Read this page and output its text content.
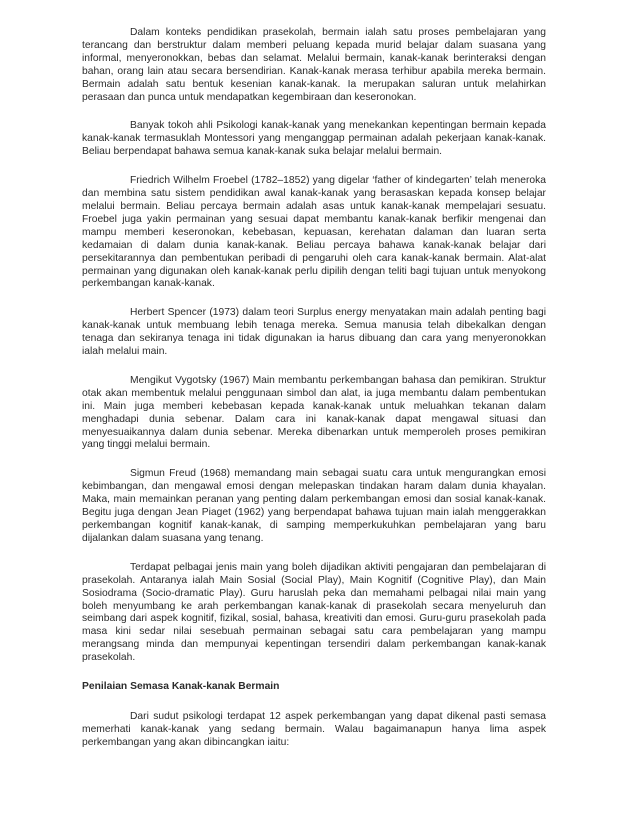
Dalam konteks pendidikan prasekolah, bermain ialah satu proses pembelajaran yang terancang dan berstruktur dalam memberi peluang kepada murid belajar dalam suasana yang informal, menyeronokkan, bebas dan selamat. Melalui bermain, kanak-kanak berinteraksi dengan bahan, orang lain atau secara bersendirian. Kanak-kanak merasa terhibur apabila mereka bermain. Bermain adalah satu bentuk kesenian kanak-kanak. Ia merupakan saluran untuk melahirkan perasaan dan punca untuk mendapatkan kegembiraan dan keseronokan.

Banyak tokoh ahli Psikologi kanak-kanak yang menekankan kepentingan bermain kepada kanak-kanak termasuklah Montessori yang menganggap permainan adalah pekerjaan kanak-kanak. Beliau berpendapat bahawa semua kanak-kanak suka belajar melalui bermain.

Friedrich Wilhelm Froebel (1782–1852) yang digelar ‘father of kindegarten’ telah meneroka dan membina satu sistem pendidikan awal kanak-kanak yang berasaskan kepada konsep belajar melalui bermain. Beliau percaya bermain adalah asas untuk kanak-kanak mempelajari sesuatu. Froebel juga yakin permainan yang sesuai dapat membantu kanak-kanak berfikir mengenai dan mampu memberi keseronokan, kebebasan, kepuasan, kerehatan dalaman dan luaran serta kedamaian di dalam dunia kanak-kanak. Beliau percaya bahawa kanak-kanak belajar dari persekitarannya dan pembentukan peribadi di pengaruhi oleh cara kanak-kanak bermain. Alat-alat permainan yang digunakan oleh kanak-kanak perlu dipilih dengan teliti bagi tujuan untuk menyokong perkembangan kanak-kanak.

Herbert Spencer (1973) dalam teori Surplus energy menyatakan main adalah penting bagi kanak-kanak untuk membuang lebih tenaga mereka. Semua manusia telah dibekalkan dengan tenaga dan sekiranya tenaga ini tidak digunakan ia harus dibuang dan cara yang menyeronokkan ialah melalui main.

Mengikut Vygotsky (1967) Main membantu perkembangan bahasa dan pemikiran. Struktur otak akan membentuk melalui penggunaan simbol dan alat, ia juga membantu dalam pembentukan ini. Main juga memberi kebebasan kepada kanak-kanak untuk meluahkan tekanan dalam menghadapi dunia sebenar. Dalam cara ini kanak-kanak dapat mengawal situasi dan menyesuaikannya dalam dunia sebenar. Mereka dibenarkan untuk memperoleh proses pemikiran yang tinggi melalui bermain.

Sigmun Freud (1968) memandang main sebagai suatu cara untuk mengurangkan emosi kebimbangan, dan mengawal emosi dengan melepaskan tindakan haram dalam dunia khayalan. Maka, main memainkan peranan yang penting dalam perkembangan emosi dan sosial kanak-kanak. Begitu juga dengan Jean Piaget (1962) yang berpendapat bahawa tujuan main ialah menggerakkan perkembangan kognitif kanak-kanak, di samping memperkukuhkan pembelajaran yang baru dijalankan dalam suasana yang tenang.

Terdapat pelbagai jenis main yang boleh dijadikan aktiviti pengajaran dan pembelajaran di prasekolah. Antaranya ialah Main Sosial (Social Play), Main Kognitif (Cognitive Play), dan Main Sosiodrama (Socio-dramatic Play). Guru haruslah peka dan memahami pelbagai nilai main yang boleh menyumbang ke arah perkembangan kanak-kanak di prasekolah secara menyeluruh dan seimbang dari aspek kognitif, fizikal, sosial, bahasa, kreativiti dan emosi. Guru-guru prasekolah pada masa kini sedar nilai sesebuah permainan sebagai satu cara pembelajaran yang mampu merangsang minda dan mempunyai kepentingan tersendiri dalam perkembangan kanak-kanak prasekolah.

Penilaian Semasa Kanak-kanak Bermain

Dari sudut psikologi terdapat 12 aspek perkembangan yang dapat dikenal pasti semasa memerhati kanak-kanak yang sedang bermain. Walau bagaimanapun hanya lima aspek perkembangan yang akan dibincangkan iaitu:
